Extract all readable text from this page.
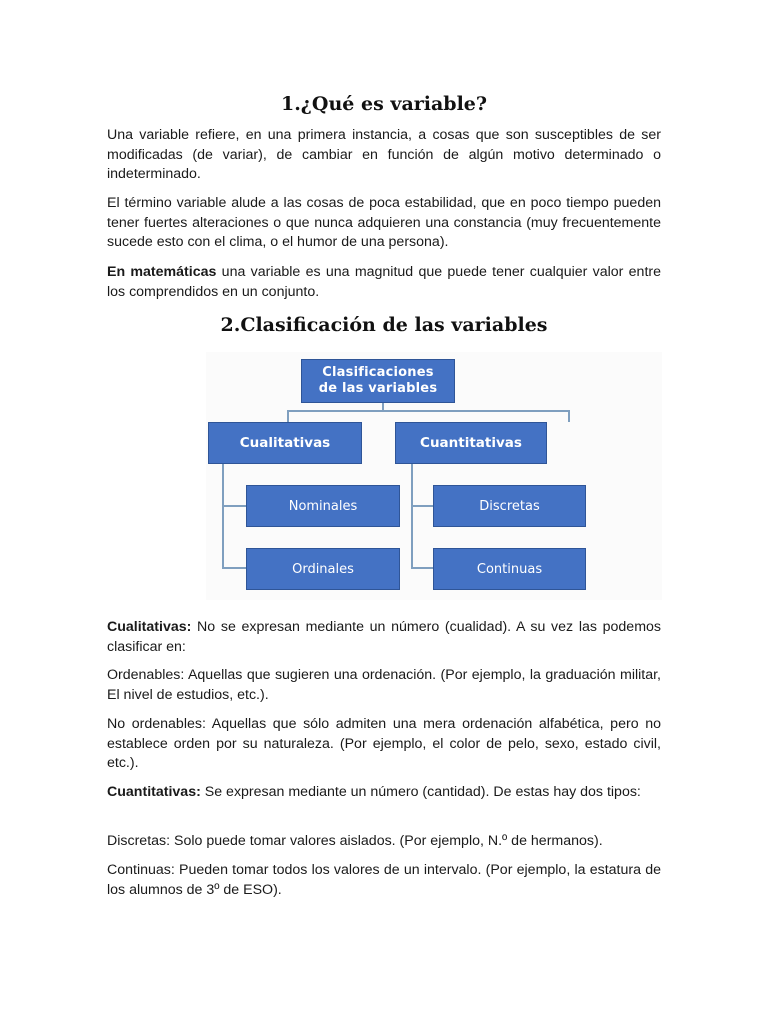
1.¿Qué es variable?

Una variable refiere, en una primera instancia, a cosas que son susceptibles de ser modificadas (de variar), de cambiar en función de algún motivo determinado o indeterminado.

El término variable alude a las cosas de poca estabilidad, que en poco tiempo pueden tener fuertes alteraciones o que nunca adquieren una constancia (muy frecuentemente sucede esto con el clima, o el humor de una persona).

En matemáticas una variable es una magnitud que puede tener cualquier valor entre los comprendidos en un conjunto.

2.Clasificación de las variables

Cualitativas: No se expresan mediante un número (cualidad). A su vez las podemos clasificar en:

Ordenables: Aquellas que sugieren una ordenación. (Por ejemplo, la graduación militar, El nivel de estudios, etc.).

No ordenables: Aquellas que sólo admiten una mera ordenación alfabética, pero no establece orden por su naturaleza. (Por ejemplo, el color de pelo, sexo, estado civil, etc.).

Cuantitativas: Se expresan mediante un número (cantidad). De estas hay dos tipos:

Discretas: Solo puede tomar valores aislados. (Por ejemplo, N.º de hermanos).

Continuas: Pueden tomar todos los valores de un intervalo. (Por ejemplo, la estatura de los alumnos de 3º de ESO).

Clasificaciones
de las variables
Cualitativas	Cuantitativas
Nominales
Ordinales
Discretas
Continuas
